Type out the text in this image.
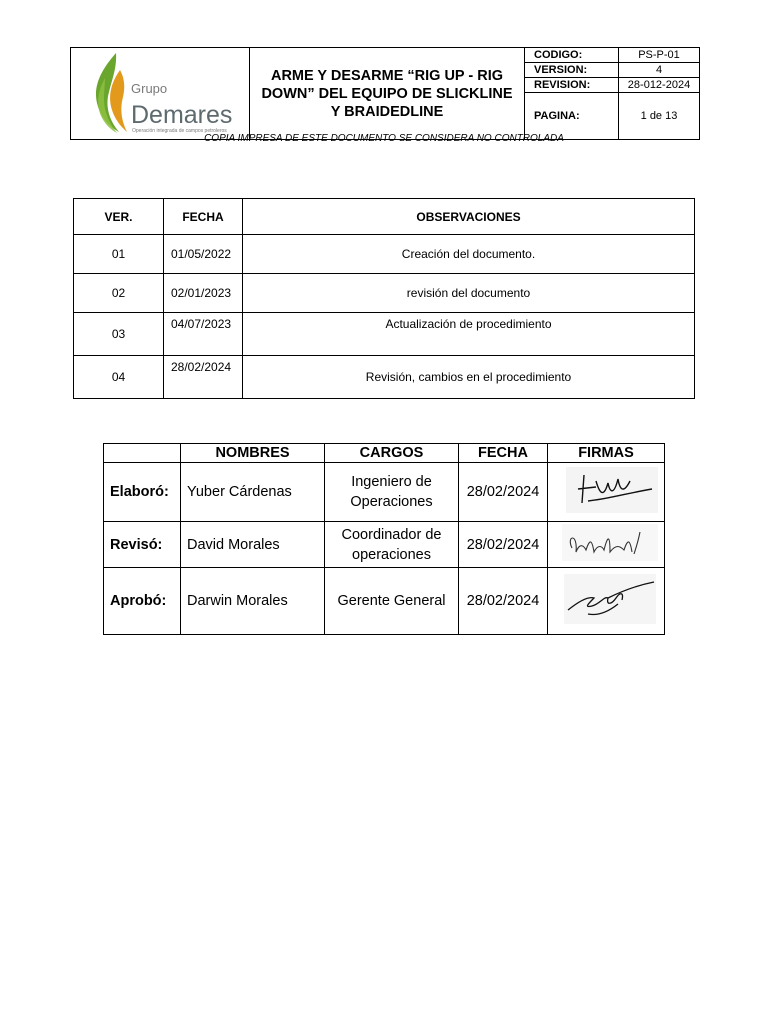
Grupo
Demares
Operación integrada de campos petroleros	ARME Y DESARME “RIG UP - RIG DOWN” DEL EQUIPO DE SLICKLINE Y BRAIDEDLINE	CODIGO:	PS-P-01
		VERSION:	4
		REVISION:	28-012-2024
		PAGINA:	1 de 13
COPIA IMPRESA DE ESTE DOCUMENTO SE CONSIDERA NO CONTROLADA
VER.	FECHA	OBSERVACIONES
01	01/05/2022	Creación del documento.
02	02/01/2023	revisión del documento
03	04/07/2023	Actualización de procedimiento
04	28/02/2024	Revisión, cambios en el procedimiento
	NOMBRES	CARGOS	FECHA	FIRMAS
Elaboró:	Yuber Cárdenas	Ingeniero de Operaciones	28/02/2024	
Revisó:	David Morales	Coordinador de operaciones	28/02/2024	
Aprobó:	Darwin Morales	Gerente General	28/02/2024	
